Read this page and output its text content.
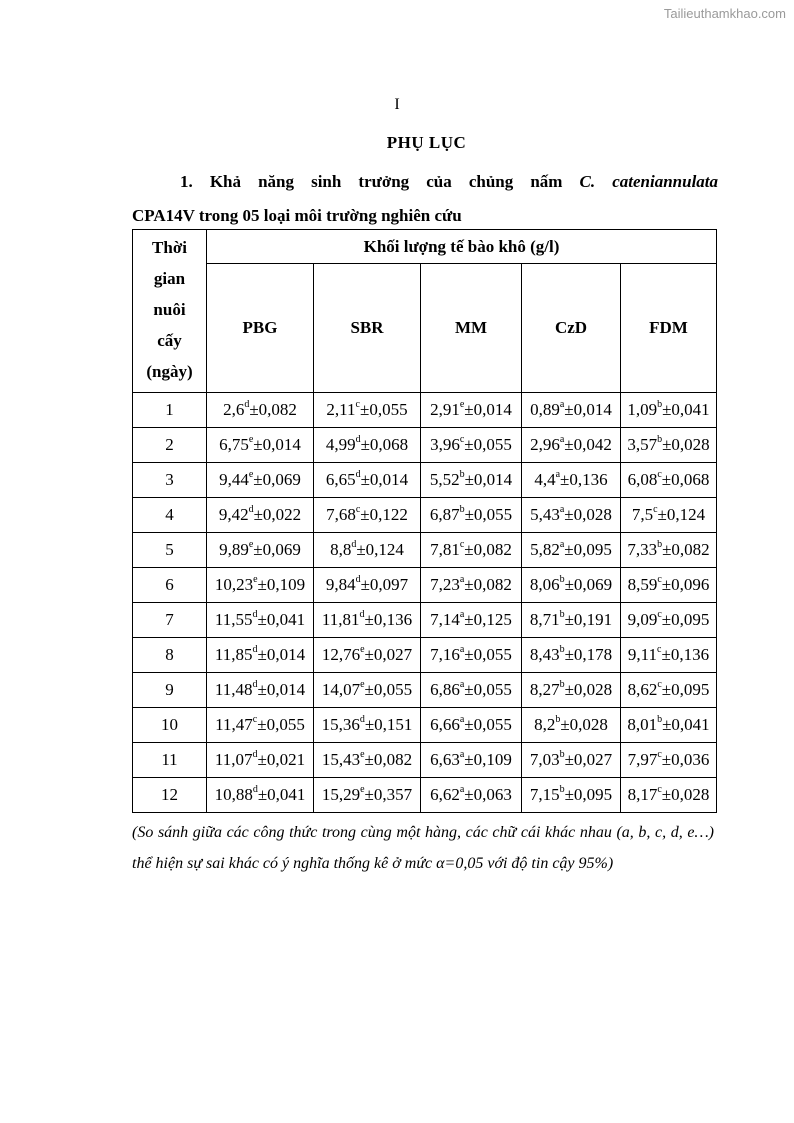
Tailieuthamkhao.com
I
PHỤ LỤC
1. Khả năng sinh trưởng của chủng nấm C. cateniannulata
CPA14V trong 05 loại môi trường nghiên cứu
Thời
gian
nuôi
cấy
(ngày)	Khối lượng tế bào khô (g/l)				
	PBG	SBR	MM	CzD	FDM
1	2,6$^d$±0,082	2,11$^c$±0,055	2,91$^e$±0,014	0,89$^a$±0,014	1,09$^b$±0,041
2	6,75$^e$±0,014	4,99$^d$±0,068	3,96$^c$±0,055	2,96$^a$±0,042	3,57$^b$±0,028
3	9,44$^e$±0,069	6,65$^d$±0,014	5,52$^b$±0,014	4,4$^a$±0,136	6,08$^c$±0,068
4	9,42$^d$±0,022	7,68$^c$±0,122	6,87$^b$±0,055	5,43$^a$±0,028	7,5$^c$±0,124
5	9,89$^e$±0,069	8,8$^d$±0,124	7,81$^c$±0,082	5,82$^a$±0,095	7,33$^b$±0,082
6	10,23$^e$±0,109	9,84$^d$±0,097	7,23$^a$±0,082	8,06$^b$±0,069	8,59$^c$±0,096
7	11,55$^d$±0,041	11,81$^d$±0,136	7,14$^a$±0,125	8,71$^b$±0,191	9,09$^c$±0,095
8	11,85$^d$±0,014	12,76$^e$±0,027	7,16$^a$±0,055	8,43$^b$±0,178	9,11$^c$±0,136
9	11,48$^d$±0,014	14,07$^e$±0,055	6,86$^a$±0,055	8,27$^b$±0,028	8,62$^c$±0,095
10	11,47$^c$±0,055	15,36$^d$±0,151	6,66$^a$±0,055	8,2$^b$±0,028	8,01$^b$±0,041
11	11,07$^d$±0,021	15,43$^e$±0,082	6,63$^a$±0,109	7,03$^b$±0,027	7,97$^c$±0,036
12	10,88$^d$±0,041	15,29$^e$±0,357	6,62$^a$±0,063	7,15$^b$±0,095	8,17$^c$±0,028
(So sánh giữa các công thức trong cùng một hàng, các chữ cái khác nhau (a, b, c, d, e…) thể hiện sự sai khác có ý nghĩa thống kê ở mức α=0,05 với độ tin cậy 95%)
